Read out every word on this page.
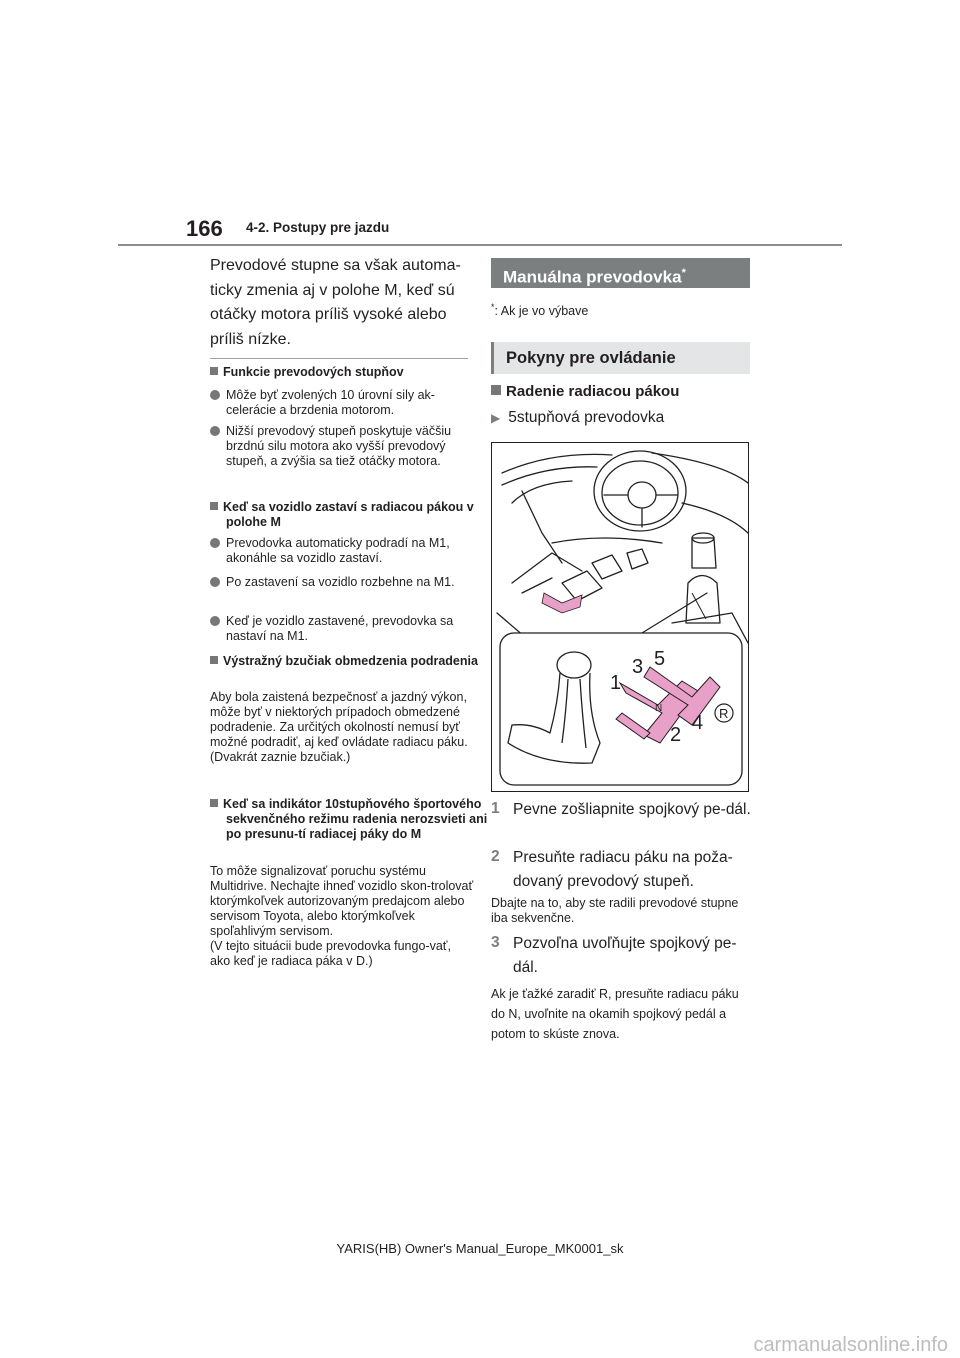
166 4-2. Postupy pre jazdu

Prevodové stupne sa však automa-ticky zmenia aj v polohe M, keď sú otáčky motora príliš vysoké alebo príliš nízke.

Funkcie prevodových stupňov
Môže byť zvolených 10 úrovní sily ak-celerácie a brzdenia motorom.
Nižší prevodový stupeň poskytuje väčšiu brzdnú silu motora ako vyšší prevodový stupeň, a zvýšia sa tiež otáčky motora.
Keď sa vozidlo zastaví s radiacou pákou v polohe M
Prevodovka automaticky podradí na M1, akonáhle sa vozidlo zastaví.
Po zastavení sa vozidlo rozbehne na M1.
Keď je vozidlo zastavené, prevodovka sa nastaví na M1.
Výstražný bzučiak obmedzenia podradenia
Aby bola zaistená bezpečnosť a jazdný výkon, môže byť v niektorých prípadoch obmedzené podradenie. Za určitých okolností nemusí byť možné podradiť, aj keď ovládate radiacu páku.
(Dvakrát zaznie bzučiak.)
Keď sa indikátor 10stupňového športového sekvenčného režimu radenia nerozsvieti ani po presunu-tí radiacej páky do M
To môže signalizovať poruchu systému Multidrive. Nechajte ihneď vozidlo skon-trolovať ktorýmkoľvek autorizovaným predajcom alebo servisom Toyota, alebo ktorýmkoľvek spoľahlivým servisom.
(V tejto situácii bude prevodovka fungo-vať, ako keď je radiaca páka v D.)
Manuálna prevodovka*
*: Ak je vo výbave
Pokyny pre ovládanie
Radenie radiacou pákou
▶ 5stupňová prevodovka
1
3 5
2
4 R
N
1 Pevne zošliapnite spojkový pe-dál.
2 Presuňte radiacu páku na poža-dovaný prevodový stupeň.
Dbajte na to, aby ste radili prevodové stupne iba sekvenčne.
3 Pozvoľna uvoľňujte spojkový pe-dál.
Ak je ťažké zaradiť R, presuňte radiacu páku do N, uvoľnite na okamih spojkový pedál a potom to skúste znova.
YARIS(HB) Owner's Manual_Europe_MK0001_sk
carmanualsonline.info
